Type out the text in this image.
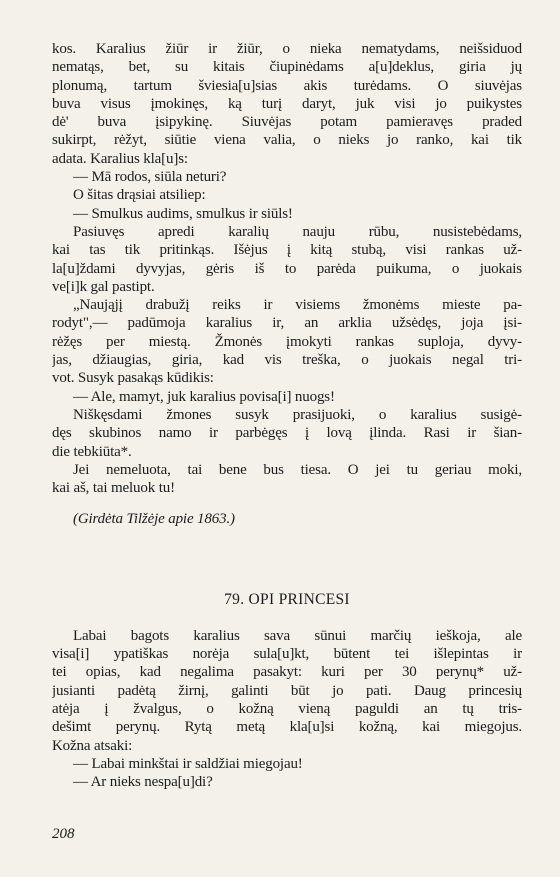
kos. Karalius žiūr ir žiūr, o nieka nematydams, neišsiduod
nematąs, bet, su kitais čiupinėdams a[u]deklus, giria jų
plonumą, tartum šviesia[u]sias akis turėdams. O siuvėjas
buva visus įmokinęs, ką turį daryt, juk visi jo puikystes
dė' buva įsipykinę. Siuvėjas potam pamieravęs praded
sukirpt, rėžyt, siūtie viena valia, o nieks jo ranko, kai tik
adata. Karalius kla[u]s:
— Mā rodos, siūla neturi?
O šitas drąsiai atsiliep:
— Smulkus audims, smulkus ir siūls!
Pasiuvęs apredi karalių nauju rūbu, nusistebėdams,
kai tas tik pritinkąs. Išėjus į kitą stubą, visi rankas už-
la[u]ždami dyvyjas, gėris iš to parėda puikuma, o juokais
ve[i]k gal pastipt.
„Naująjį drabužį reiks ir visiems žmonėms mieste pa-
rodyt",— padūmoja karalius ir, an arklia užsėdęs, joja įsi-
rėžęs per miestą. Žmonės įmokyti rankas suploja, dyvy-
jas, džiaugias, giria, kad vis treška, o juokais negal tri-
vot. Susyk pasakąs kūdikis:
— Ale, mamyt, juk karalius povisa[i] nuogs!
Niškęsdami žmones susyk prasijuoki, o karalius susigė-
dęs skubinos namo ir parbėgęs į lovą įlinda. Rasi ir šian-
die tebkiūta*.
Jei nemeluota, tai bene bus tiesa. O jei tu geriau moki,
kai aš, tai meluok tu!
(Girdėta Tilžėje apie 1863.)
79. OPI PRINCESI
Labai bagots karalius sava sūnui marčių ieškoja, ale
visa[i] ypatiškas norėja sula[u]kt, būtent tei išlepintas ir
tei opias, kad negalima pasakyt: kuri per 30 perynų* už-
jusianti padėtą žirnį, galinti būt jo pati. Daug princesių
atėja į žvalgus, o kožną vieną paguldi an tų tris-
dešimt perynų. Rytą metą kla[u]si kožną, kai miegojus.
Kožna atsaki:
— Labai minkštai ir saldžiai miegojau!
— Ar nieks nespa[u]di?
208
